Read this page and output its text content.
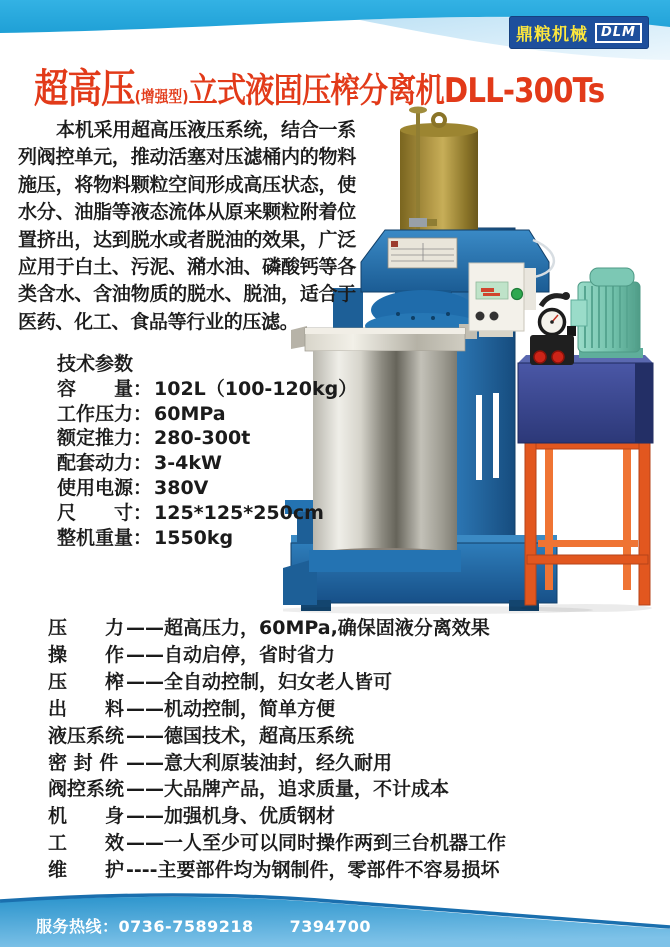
鼎粮机械	DLM
超高压(增强型)立式液固压榨分离机DLL-300Ts
本机采用超高压液压系统，结合一系列阀控单元，推动活塞对压滤桶内的物料施压，将物料颗粒空间形成高压状态，使水分、油脂等液态流体从原来颗粒附着位置挤出，达到脱水或者脱油的效果，广泛应用于白土、污泥、潲水油、磷酸钙等各类含水、含油物质的脱水、脱油，适合于医药、化工、食品等行业的压滤。
技术参数
容　　量： 102L（100-120kg）
工作压力： 60MPa
额定推力： 280-300t
配套动力： 3-4kW
使用电源： 380V
尺　　寸： 125*125*250cm
整机重量： 1550kg
压　　力 ——超高压力，60MPa,确保固液分离效果
操　　作 ——自动启停，省时省力
压　　榨 ——全自动控制，妇女老人皆可
出　　料 ——机动控制，简单方便
液压系统 ——德国技术，超高压系统
密 封 件 ——意大利原装油封，经久耐用
阀控系统 ——大品牌产品，追求质量，不计成本
机　　身 ——加强机身、优质钢材
工　　效 ——一人至少可以同时操作两到三台机器工作
维　　护 ----主要部件均为钢制件，零部件不容易损坏
服务热线：0736-7589218 7394700
